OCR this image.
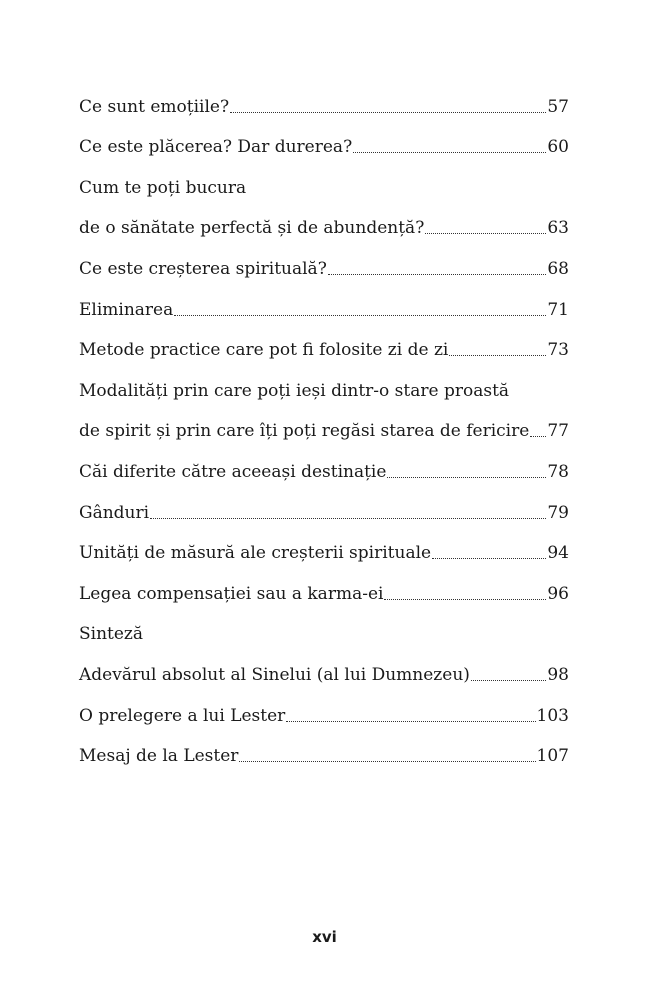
Ce sunt emoțiile?	57
Ce este plăcerea? Dar durerea?	60
Cum te poți bucura
de o sănătate perfectă și de abundență?	63
Ce este creșterea spirituală?	68
Eliminarea	71
Metode practice care pot fi folosite zi de zi	73
Modalități prin care poți ieși dintr-o stare proastă
de spirit și prin care îți poți regăsi starea de fericire 77
Căi diferite către aceeași destinație	78
Gânduri	79
Unități de măsură ale creșterii spirituale	94
Legea compensației sau a karma-ei	96
Sinteză
Adevărul absolut al Sinelui (al lui Dumnezeu)	98
O prelegere a lui Lester	103
Mesaj de la Lester	107
xvi
